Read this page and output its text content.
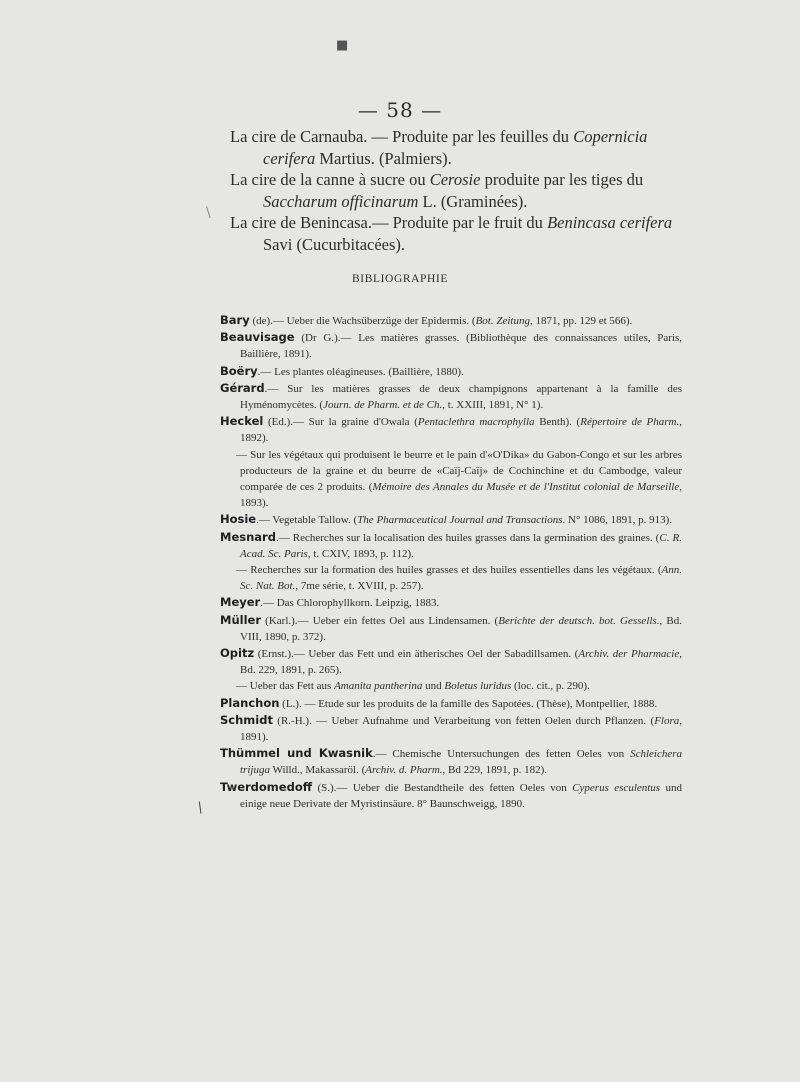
■
— 58 —
\

La cire de Carnauba. — Produite par les feuilles du Copernicia cerifera Martius. (Palmiers).

La cire de la canne à sucre ou Cerosie produite par les tiges du Saccharum officinarum L. (Graminées).

La cire de Benincasa.— Produite par le fruit du Benincasa cerifera Savi (Cucurbitacées).

BIBLIOGRAPHIE

Bary (de).— Ueber die Wachsüberzüge der Epidermis. (Bot. Zeitung, 1871, pp. 129 et 566).

Beauvisage (Dr G.).— Les matières grasses. (Bibliothèque des connaissances utiles, Paris, Baillière, 1891).

Boëry.— Les plantes oléagineuses. (Baillière, 1880).

Gérard.— Sur les matières grasses de deux champignons appartenant à la famille des Hyménomycètes. (Journ. de Pharm. et de Ch., t. XXIII, 1891, N° 1).

Heckel (Ed.).— Sur la graine d'Owala (Pentaclethra macrophylla Benth). (Répertoire de Pharm., 1892).

— Sur les végétaux qui produisent le beurre et le pain d'«O'Dika» du Gabon-Congo et sur les arbres producteurs de la graine et du beurre de «Caïj-Caïj» de Cochinchine et du Cambodge, valeur comparée de ces 2 produits. (Mémoire des Annales du Musée et de l'Institut colonial de Marseille, 1893).

Hosie.— Vegetable Tallow. (The Pharmaceutical Journal and Transactions. N° 1086, 1891, p. 913).

Mesnard.— Recherches sur la localisation des huiles grasses dans la germination des graines. (C. R. Acad. Sc. Paris, t. CXIV, 1893, p. 112).

— Recherches sur la formation des huiles grasses et des huiles essentielles dans les végétaux. (Ann. Sc. Nat. Bot., 7me série, t. XVIII, p. 257).

Meyer.— Das Chlorophyllkorn. Leipzig, 1883.

Müller (Karl.).— Ueber ein fettes Oel aus Lindensamen. (Berichte der deutsch. bot. Gessells., Bd. VIII, 1890, p. 372).

Opitz (Ernst.).— Ueber das Fett und ein ätherisches Oel der Sabadillsamen. (Archiv. der Pharmacie, Bd. 229, 1891, p. 265).

— Ueber das Fett aus Amanita pantherina und Boletus luridus (loc. cit., p. 290).

Planchon (L.). — Etude sur les produits de la famille des Sapotées. (Thèse), Montpellier, 1888.

Schmidt (R.-H.). — Ueber Aufnahme und Verarbeitung von fetten Oelen durch Pflanzen. (Flora, 1891).

Thümmel und Kwasnik.— Chemische Untersuchungen des fetten Oeles von Schleichera trijuga Willd., Makassaröl. (Archiv. d. Pharm., Bd 229, 1891, p. 182).

Twerdomedoff (S.).— Ueber die Bestandtheile des fetten Oeles von Cyperus esculentus und einige neue Derivate der Myristinsäure. 8° Baunschweigg, 1890.

/
